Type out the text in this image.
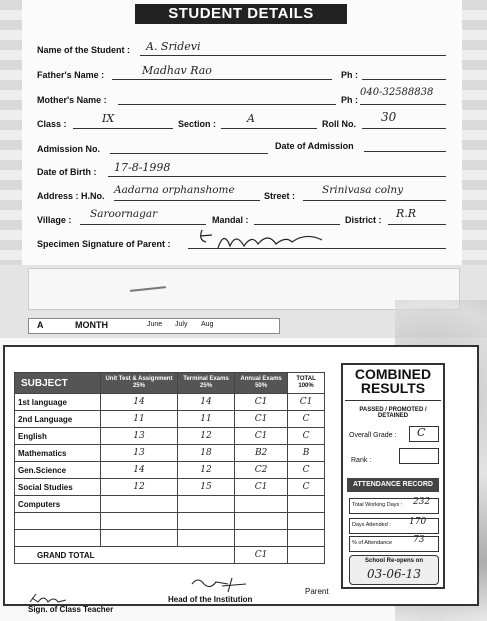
STUDENT DETAILS
Name of the Student : A. Sridevi
Father's Name :	Madhav Rao	Ph :
Mother's Name :	Ph :
040-32588838
Class :	IX	Section :	A	Roll No. 30
Admission No.	Date of Admission
Date of Birth : 17-8-1998
Address : H.No. Aadarna orphanshome	Street :	Srinivasa colny
Village : Saroornagar	Mandal :	District : R.R
Specimen Signature of Parent :
A	MONTH	June July Aug
SUBJECT	Unit Test & Assignment 25%	Terminal Exams 25%	Annual Exams 50%	TOTAL 100%
1st language	14	14	C1	C1
2nd Language	11	11	C1	C
English	13	12	C1	C
Mathematics	13	18	B2	B
Gen.Science	14	12	C2	C
Social Studies	12	15	C1	C
Computers				

GRAND TOTAL			C1	
COMBINED
RESULTS
PASSED / PROMOTED / DETAINED
Overall Grade : C
Rank :
ATTENDANCE RECORD
Total Working Days : 232
Days Attended : 170
% of Attendance 73
School Re-opens on
03-06-13
Head of the Institution
Parent
Sign. of Class Teacher
